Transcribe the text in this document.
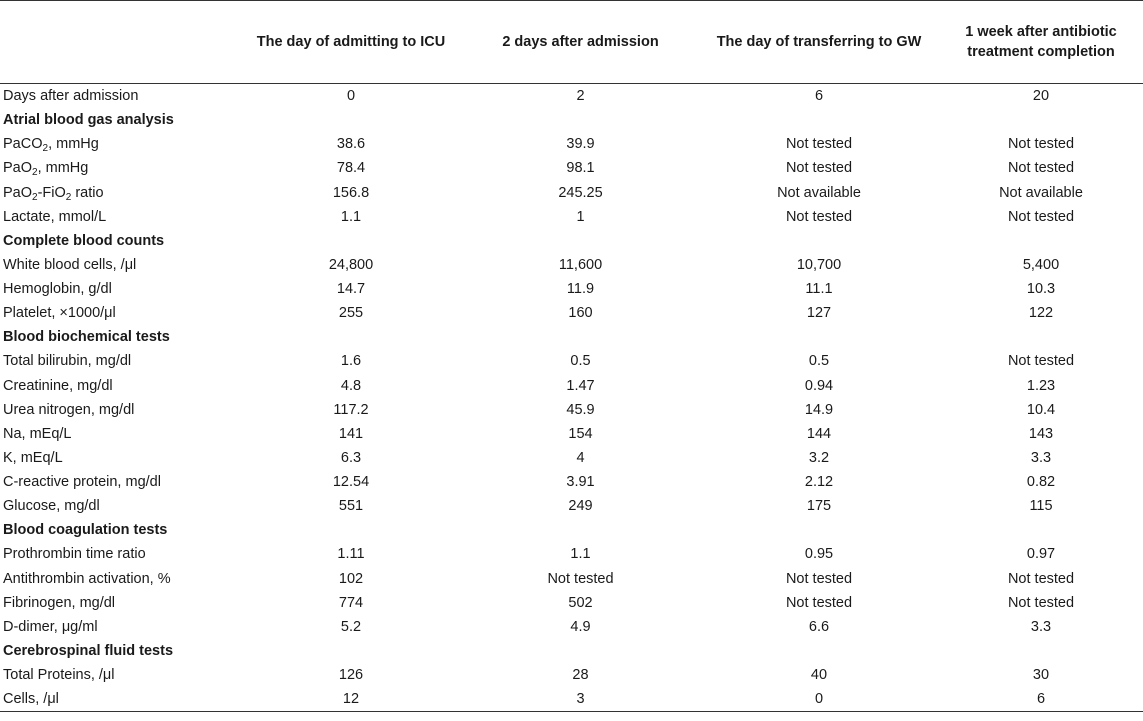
	The day of admitting to ICU	2 days after admission	The day of transferring to GW	1 week after antibiotic treatment completion
Days after admission	0	2	6	20
Atrial blood gas analysis				
PaCO$_2$, mmHg	38.6	39.9	Not tested	Not tested
PaO$_2$, mmHg	78.4	98.1	Not tested	Not tested
PaO$_2$-FiO$_2$ ratio	156.8	245.25	Not available	Not available
Lactate, mmol/L	1.1	1	Not tested	Not tested
Complete blood counts				
White blood cells, /μl	24,800	11,600	10,700	5,400
Hemoglobin, g/dl	14.7	11.9	11.1	10.3
Platelet, ×1000/μl	255	160	127	122
Blood biochemical tests				
Total bilirubin, mg/dl	1.6	0.5	0.5	Not tested
Creatinine, mg/dl	4.8	1.47	0.94	1.23
Urea nitrogen, mg/dl	117.2	45.9	14.9	10.4
Na, mEq/L	141	154	144	143
K, mEq/L	6.3	4	3.2	3.3
C-reactive protein, mg/dl	12.54	3.91	2.12	0.82
Glucose, mg/dl	551	249	175	115
Blood coagulation tests				
Prothrombin time ratio	1.11	1.1	0.95	0.97
Antithrombin activation, %	102	Not tested	Not tested	Not tested
Fibrinogen, mg/dl	774	502	Not tested	Not tested
D-dimer, μg/ml	5.2	4.9	6.6	3.3
Cerebrospinal fluid tests				
Total Proteins, /μl	126	28	40	30
Cells, /μl	12	3	0	6
